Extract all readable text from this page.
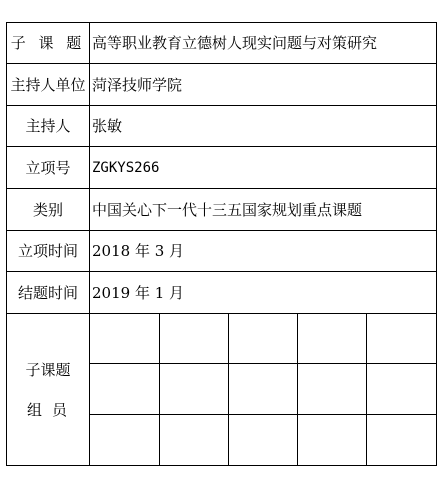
子 课 题	高等职业教育立德树人现实问题与对策研究
主持人单位	菏泽技师学院
主持人	张敏
立项号	ZGKYS266
类别	中国关心下一代十三五国家规划重点课题
立项时间	2018 年 3 月
结题时间	2019 年 1 月

子课题
组员
